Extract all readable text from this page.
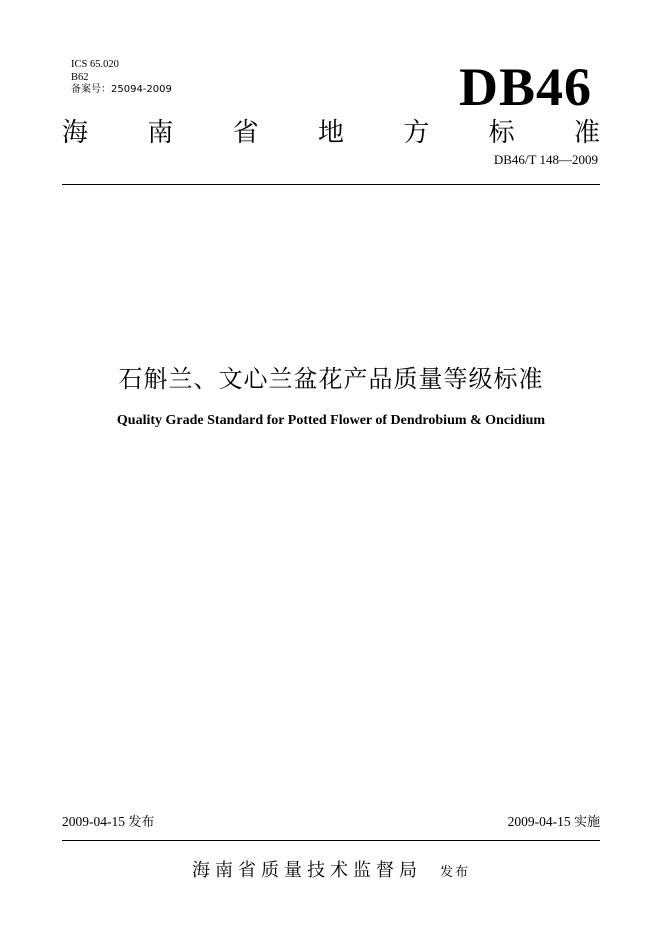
ICS 65.020
B62
备案号：25094-2009	DB46
海 南 省 地 方 标 准
DB46/T 148—2009
石斛兰、文心兰盆花产品质量等级标准
Quality Grade Standard for Potted Flower of Dendrobium & Oncidium
2009-04-15 发布	2009-04-15 实施
海南省质量技术监督局 发布
